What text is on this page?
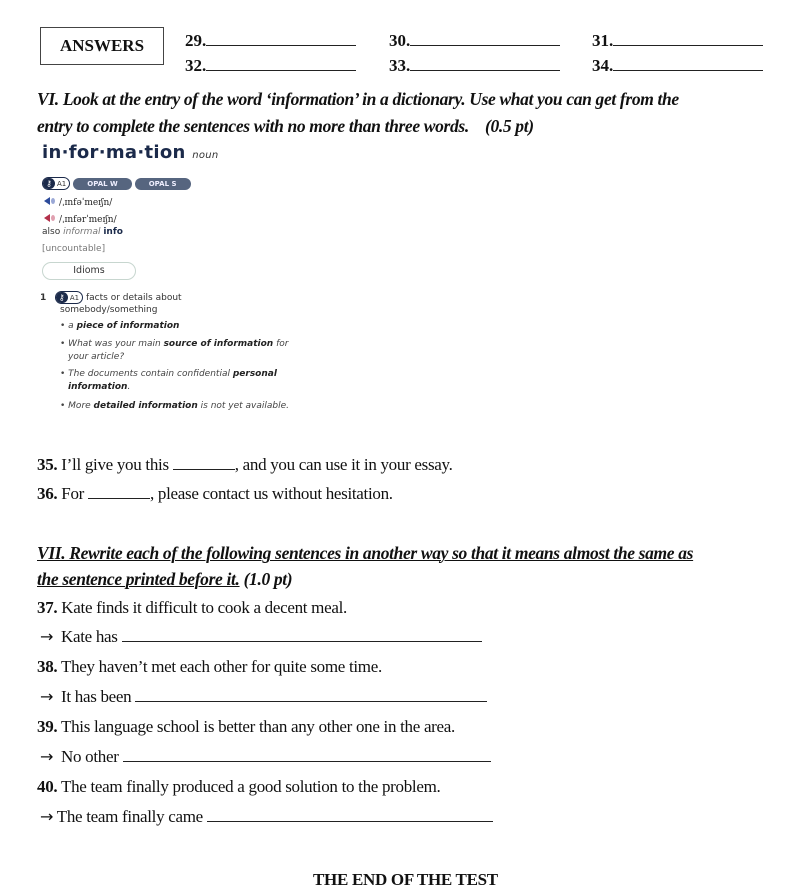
ANSWERS 29.	30.	31.
32.	33.	34.
VI. Look at the entry of the word ‘information’ in a dictionary. Use what you can get from the
entry to complete the sentences with no more than three words. (0.5 pt)
in·for·ma·tion noun
⚷ A1	OPAL W	OPAL S
/ˌɪnfəˈmeɪʃn/
/ˌɪnfərˈmeɪʃn/
also informal info
[uncountable]
Idioms
1	⚷ A1 facts or details about
somebody/something
• a piece of information
• What was your main source of information for
your article?
• The documents contain confidential personal
information.
• More detailed information is not yet available.
35. I’ll give you this	, and you can use it in your essay.
36. For	, please contact us without hesitation.
VII. Rewrite each of the following sentences in another way so that it means almost the same as
the sentence printed before it. (1.0 pt)
37. Kate finds it difficult to cook a decent meal.
→ Kate has
38. They haven’t met each other for quite some time.
→ It has been
39. This language school is better than any other one in the area.
→ No other
40. The team finally produced a good solution to the problem.
→ The team finally came
THE END OF THE TEST
